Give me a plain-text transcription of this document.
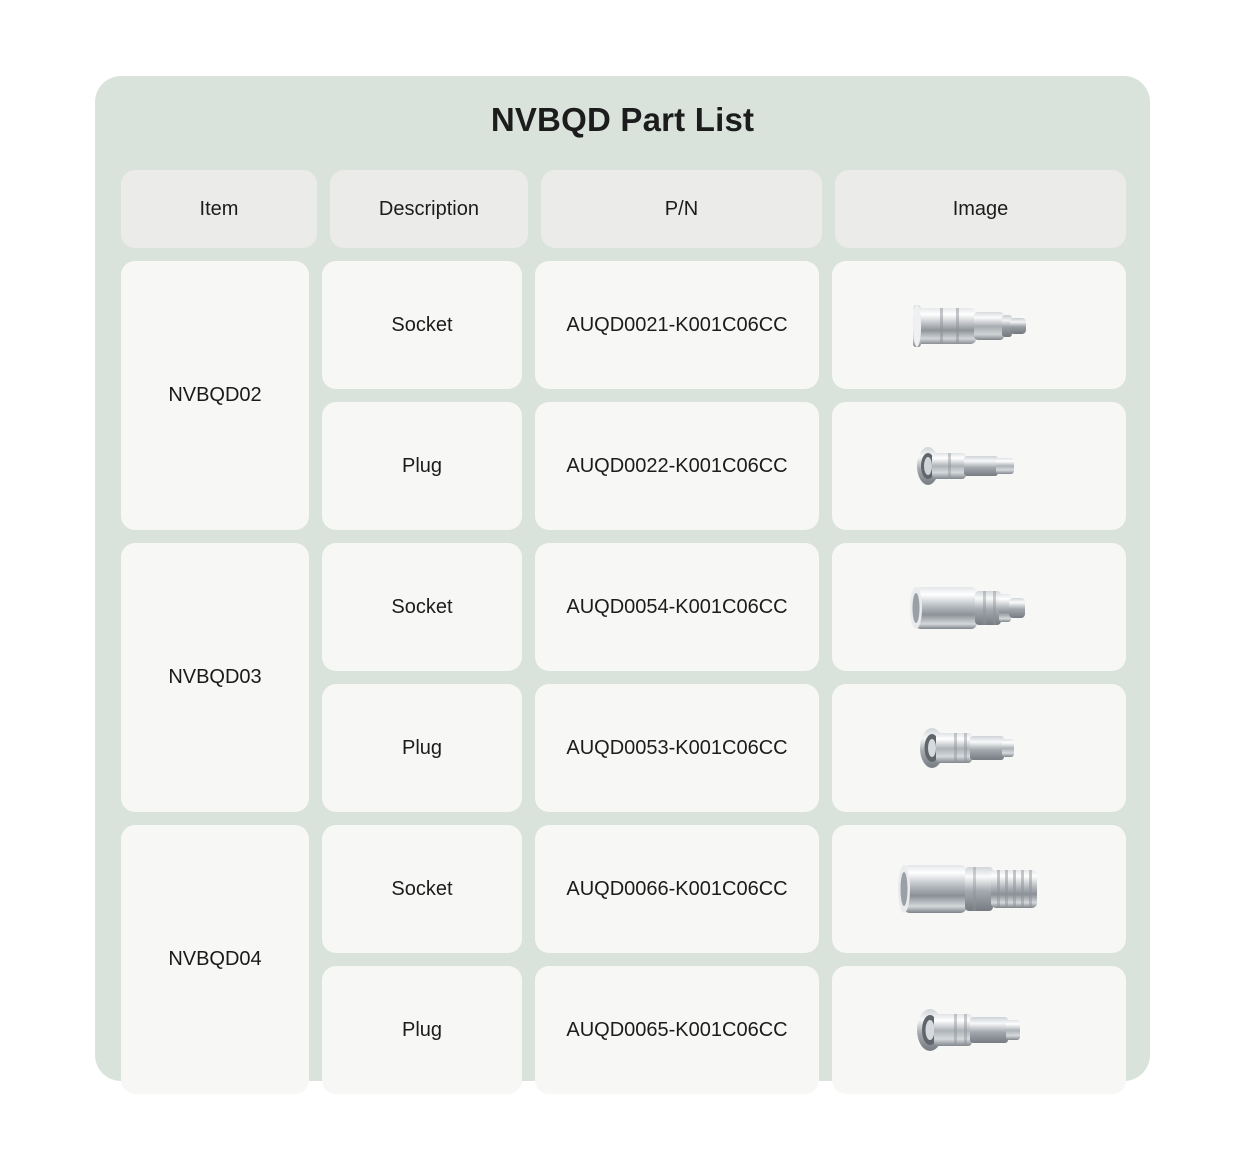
NVBQD Part List
Item	Description	P/N	Image
NVBQD02
Socket	AUQD0021-K001C06CC
Plug	AUQD0022-K001C06CC
NVBQD03
Socket	AUQD0054-K001C06CC
Plug	AUQD0053-K001C06CC
NVBQD04
Socket	AUQD0066-K001C06CC
Plug	AUQD0065-K001C06CC
